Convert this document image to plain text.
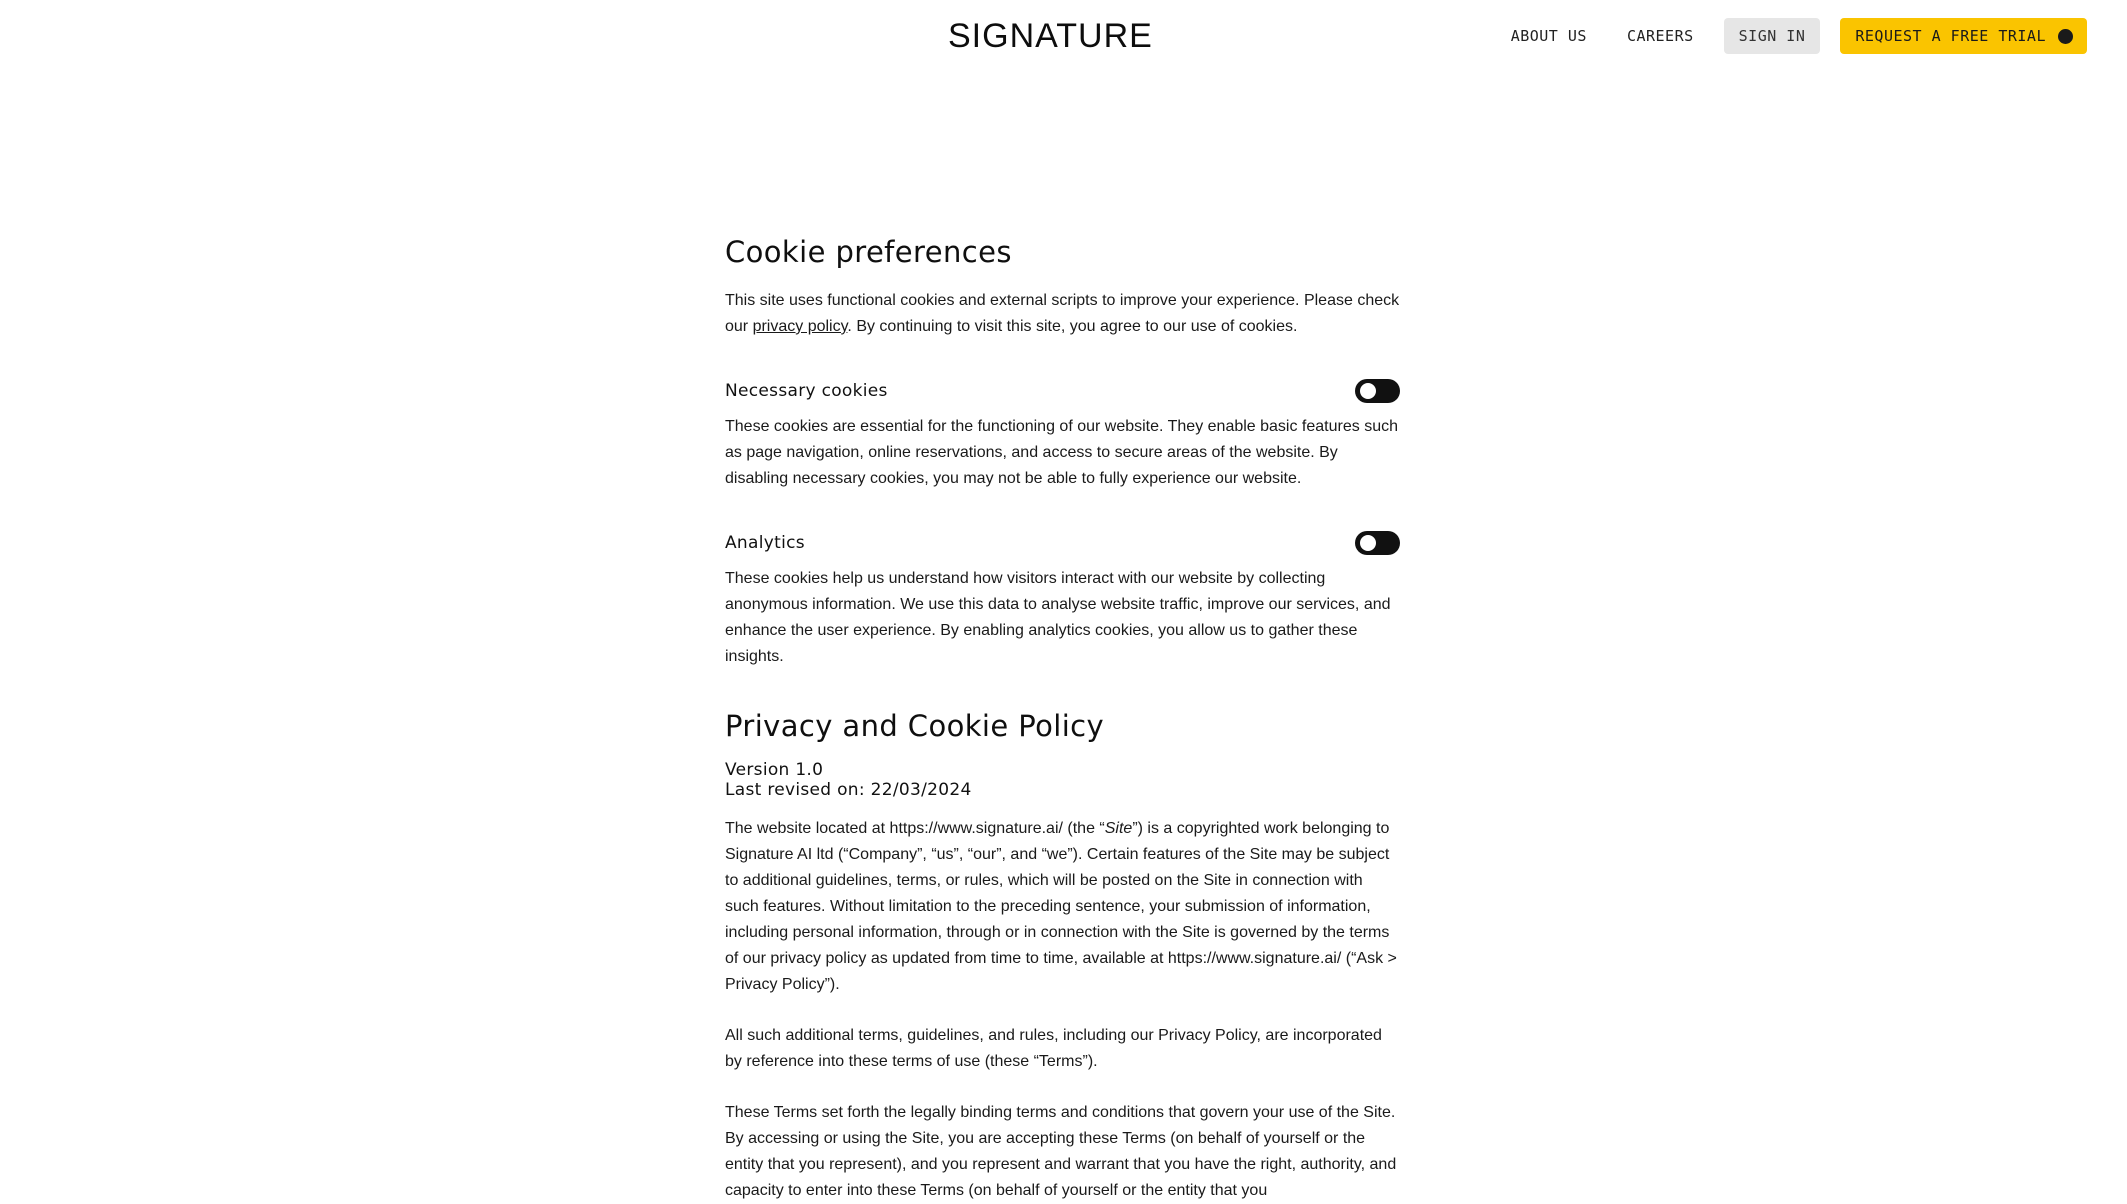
SIGNATURE	ABOUT US	CAREERS	SIGN IN	REQUEST A FREE TRIAL
Cookie preferences

This site uses functional cookies and external scripts to improve your experience. Please check our privacy policy. By continuing to visit this site, you agree to our use of cookies.

Necessary cookies

These cookies are essential for the functioning of our website. They enable basic features such as page navigation, online reservations, and access to secure areas of the website. By disabling necessary cookies, you may not be able to fully experience our website.

Analytics

These cookies help us understand how visitors interact with our website by collecting anonymous information. We use this data to analyse website traffic, improve our services, and enhance the user experience. By enabling analytics cookies, you allow us to gather these insights.

Privacy and Cookie Policy
Version 1.0
Last revised on: 22/03/2024

The website located at https://www.signature.ai/ (the “Site”) is a copyrighted work belonging to Signature AI ltd (“Company”, “us”, “our”, and “we”). Certain features of the Site may be subject to additional guidelines, terms, or rules, which will be posted on the Site in connection with such features. Without limitation to the preceding sentence, your submission of information, including personal information, through or in connection with the Site is governed by the terms of our privacy policy as updated from time to time, available at https://www.signature.ai/ (“Ask > Privacy Policy”).

All such additional terms, guidelines, and rules, including our Privacy Policy, are incorporated by reference into these terms of use (these “Terms”).

These Terms set forth the legally binding terms and conditions that govern your use of the Site. By accessing or using the Site, you are accepting these Terms (on behalf of yourself or the entity that you represent), and you represent and warrant that you have the right, authority, and capacity to enter into these Terms (on behalf of yourself or the entity that you
